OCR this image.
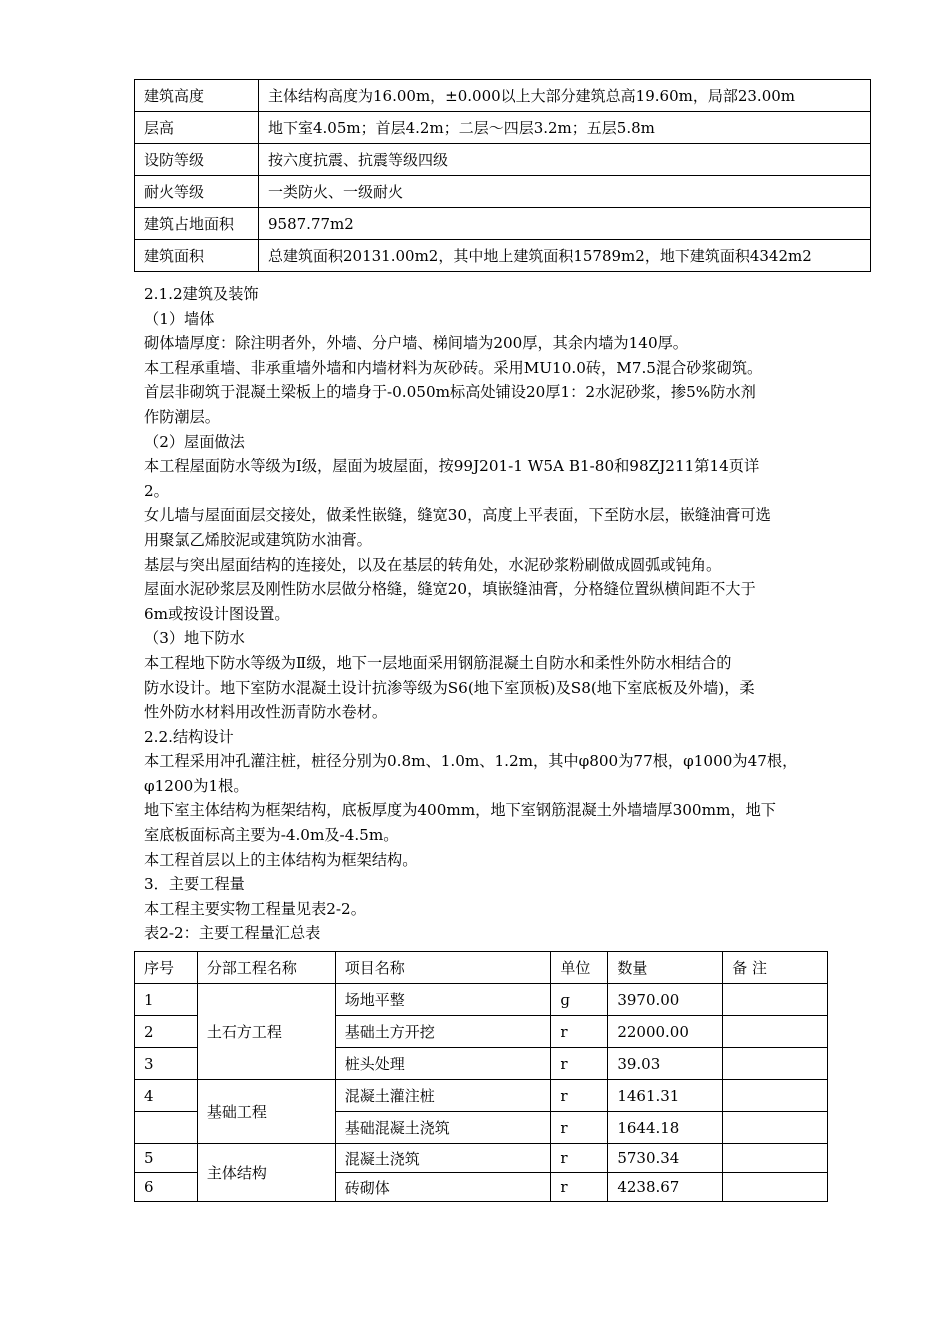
建筑高度	主体结构高度为16.00m，±0.000以上大部分建筑总高19.60m，局部23.00m
层高	地下室4.05m；首层4.2m；二层～四层3.2m；五层5.8m
设防等级	按六度抗震、抗震等级四级
耐火等级	一类防火、一级耐火
建筑占地面积	9587.77m2
建筑面积	总建筑面积20131.00m2，其中地上建筑面积15789m2，地下建筑面积4342m2

2.1.2建筑及装饰

（1）墙体

砌体墙厚度：除注明者外，外墙、分户墙、梯间墙为200厚，其余内墙为140厚。

本工程承重墙、非承重墙外墙和内墙材料为灰砂砖。采用MU10.0砖，M7.5混合砂浆砌筑。

首层非砌筑于混凝土梁板上的墙身于-0.050m标高处铺设20厚1：2水泥砂浆，掺5%防水剂

作防潮层。

（2）屋面做法

本工程屋面防水等级为Ⅰ级，屋面为坡屋面，按99J201-1 W5A B1-80和98ZJ211第14页详

2。

女儿墙与屋面面层交接处，做柔性嵌缝，缝宽30，高度上平表面，下至防水层，嵌缝油膏可选

用聚氯乙烯胶泥或建筑防水油膏。

基层与突出屋面结构的连接处，以及在基层的转角处，水泥砂浆粉刷做成圆弧或钝角。

屋面水泥砂浆层及刚性防水层做分格缝，缝宽20，填嵌缝油膏，分格缝位置纵横间距不大于

6m或按设计图设置。

（3）地下防水

本工程地下防水等级为Ⅱ级，地下一层地面采用钢筋混凝土自防水和柔性外防水相结合的

防水设计。地下室防水混凝土设计抗渗等级为S6(地下室顶板)及S8(地下室底板及外墙)，柔

性外防水材料用改性沥青防水卷材。

2.2.结构设计

本工程采用冲孔灌注桩，桩径分别为0.8m、1.0m、1.2m，其中φ800为77根，φ1000为47根，

φ1200为1根。

地下室主体结构为框架结构，底板厚度为400mm，地下室钢筋混凝土外墙墙厚300mm，地下

室底板面标高主要为-4.0m及-4.5m。

本工程首层以上的主体结构为框架结构。

3．主要工程量

本工程主要实物工程量见表2-2。

表2-2：主要工程量汇总表

序号	分部工程名称	项目名称	单位	数量	备 注
1	土石方工程	场地平整	ɡ	3970.00	
2		基础土方开挖	r	22000.00	
3		桩头处理	r	39.03	
4	基础工程	混凝土灌注桩	r	1461.31	
		基础混凝土浇筑	r	1644.18	
5	主体结构	混凝土浇筑	r	5730.34	
6		砖砌体	r	4238.67	
